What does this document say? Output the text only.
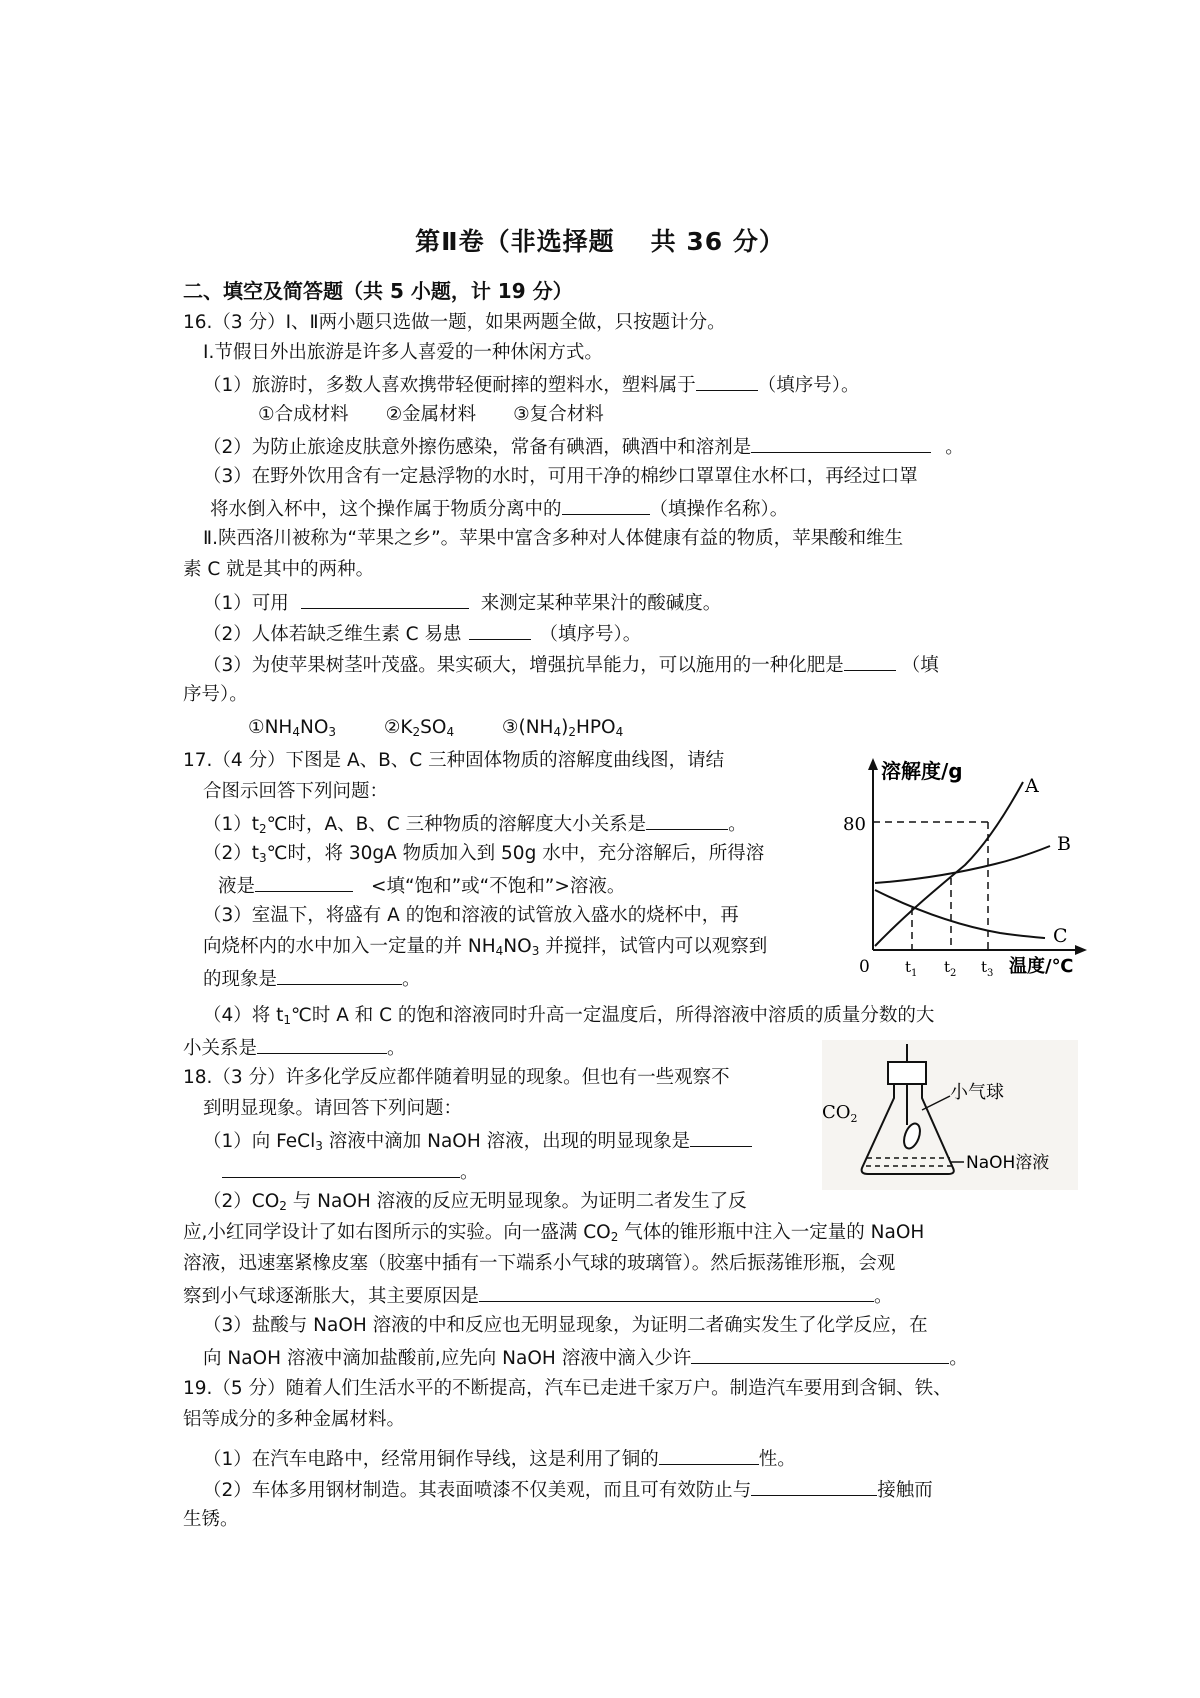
第Ⅱ卷（非选择题 共 36 分）
二、填空及简答题（共 5 小题，计 19 分）
16.（3 分）Ⅰ、Ⅱ两小题只选做一题，如果两题全做，只按题计分。
Ⅰ.节假日外出旅游是许多人喜爱的一种休闲方式。
（1）旅游时，多数人喜欢携带轻便耐摔的塑料水，塑料属于	（填序号）。
①合成材料　　②金属材料　　③复合材料
（2）为防止旅途皮肤意外擦伤感染，常备有碘酒，碘酒中和溶剂是	。
（3）在野外饮用含有一定悬浮物的水时，可用干净的棉纱口罩罩住水杯口，再经过口罩
将水倒入杯中，这个操作属于物质分离中的	（填操作名称）。
Ⅱ.陕西洛川被称为“苹果之乡”。苹果中富含多种对人体健康有益的物质，苹果酸和维生
素 C 就是其中的两种。
（1）可用	来测定某种苹果汁的酸碱度。
（2）人体若缺乏维生素 C 易患	（填序号）。
（3）为使苹果树茎叶茂盛。果实硕大，增强抗旱能力，可以施用的一种化肥是	（填
序号）。
$①NH_4NO_3$	$②K_2SO_4$	$③(NH_4)_2HPO_4$
17.（4 分）下图是 A、B、C 三种固体物质的溶解度曲线图，请结
合图示回答下列问题：
$(1)t_2℃$时，A、B、C 三种物质的溶解度大小关系是	。
$(2)t_3℃$时，将 30gA 物质加入到 50g 水中，充分溶解后，所得溶
液是	<填“饱和”或“不饱和”>溶液。
（3）室温下，将盛有 A 的饱和溶液的试管放入盛水的烧杯中，再
向烧杯内的水中加入一定量的并 $NH_4NO_3$ 并搅拌，试管内可以观察到
的现象是	。
（4）将 $t_1℃$时 A 和 C 的饱和溶液同时升高一定温度后，所得溶液中溶质的质量分数的大
小关系是	。
溶解度/g
80
0 $t_1$ $t_2$ $t_3$ 温度/℃
A
B
C
18.（3 分）许多化学反应都伴随着明显的现象。但也有一些观察不
到明显现象。请回答下列问题：
（1）向 FeCl$_3$ 溶液中滴加 NaOH 溶液，出现的明显现象是
。
$(2)CO_2$ 与 NaOH 溶液的反应无明显现象。为证明二者发生了反
应,小红同学设计了如右图所示的实验。向一盛满 $CO_2$ 气体的锥形瓶中注入一定量的 NaOH
溶液，迅速塞紧橡皮塞（胶塞中插有一下端系小气球的玻璃管）。然后振荡锥形瓶，会观
察到小气球逐渐胀大，其主要原因是	。
（3）盐酸与 NaOH 溶液的中和反应也无明显现象，为证明二者确实发生了化学反应，在
向 NaOH 溶液中滴加盐酸前,应先向 NaOH 溶液中滴入少许	。
小气球
$CO_2$
NaOH溶液
19.（5 分）随着人们生活水平的不断提高，汽车已走进千家万户。制造汽车要用到含铜、铁、
铝等成分的多种金属材料。
（1）在汽车电路中，经常用铜作导线，这是利用了铜的	性。
（2）车体多用钢材制造。其表面喷漆不仅美观，而且可有效防止与	接触而
生锈。
